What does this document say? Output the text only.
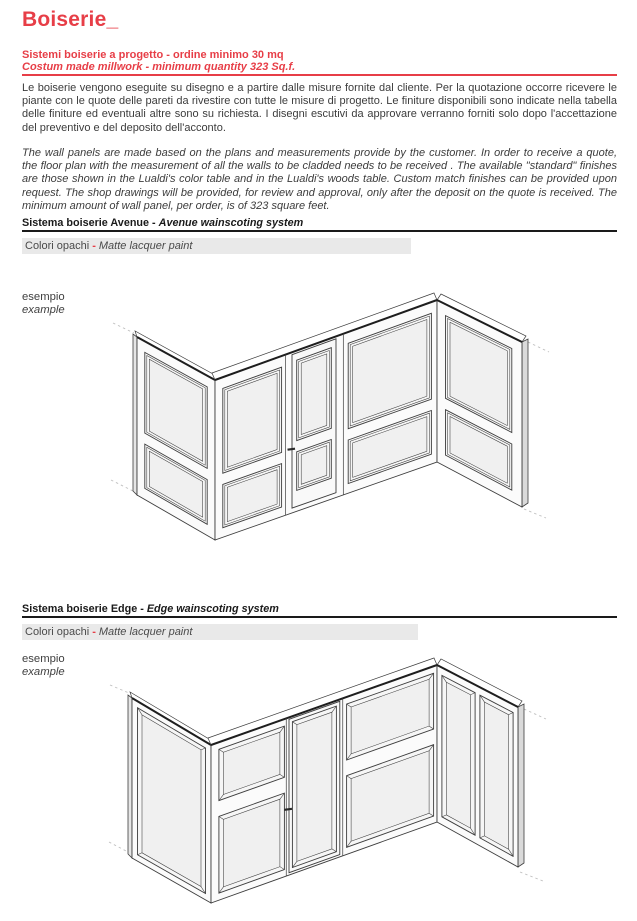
Boiserie_
Sistemi boiserie a progetto - ordine minimo 30 mq
Costum made millwork - minimum quantity 323 Sq.f.

Le boiserie vengono eseguite su disegno e a partire dalle misure fornite dal cliente. Per la quotazione occorre ricevere le piante con le quote delle pareti da rivestire con tutte le misure di progetto. Le finiture disponibili sono indicate nella tabella delle finiture ed eventuali altre sono su richiesta. I disegni escutivi da approvare verranno forniti solo dopo l'accettazione del preventivo e del deposito dell'acconto.

The wall panels are made based on the plans and measurements provide by the customer. In order to receive a quote, the floor plan with the measurement of all the walls to be cladded needs to be received . The available "standard" finishes are those shown in the Lualdi's color table and in the Lualdi's woods table. Custom match finishes can be provided upon request. The shop drawings will be provided, for review and approval, only after the deposit on the quote is received. The minimum amount of wall panel, per order, is of 323 square feet.

Sistema boiserie Avenue - Avenue wainscoting system
Colori opachi - Matte lacquer paint
esempio
example
Sistema boiserie Edge - Edge wainscoting system
Colori opachi - Matte lacquer paint
esempio
example
